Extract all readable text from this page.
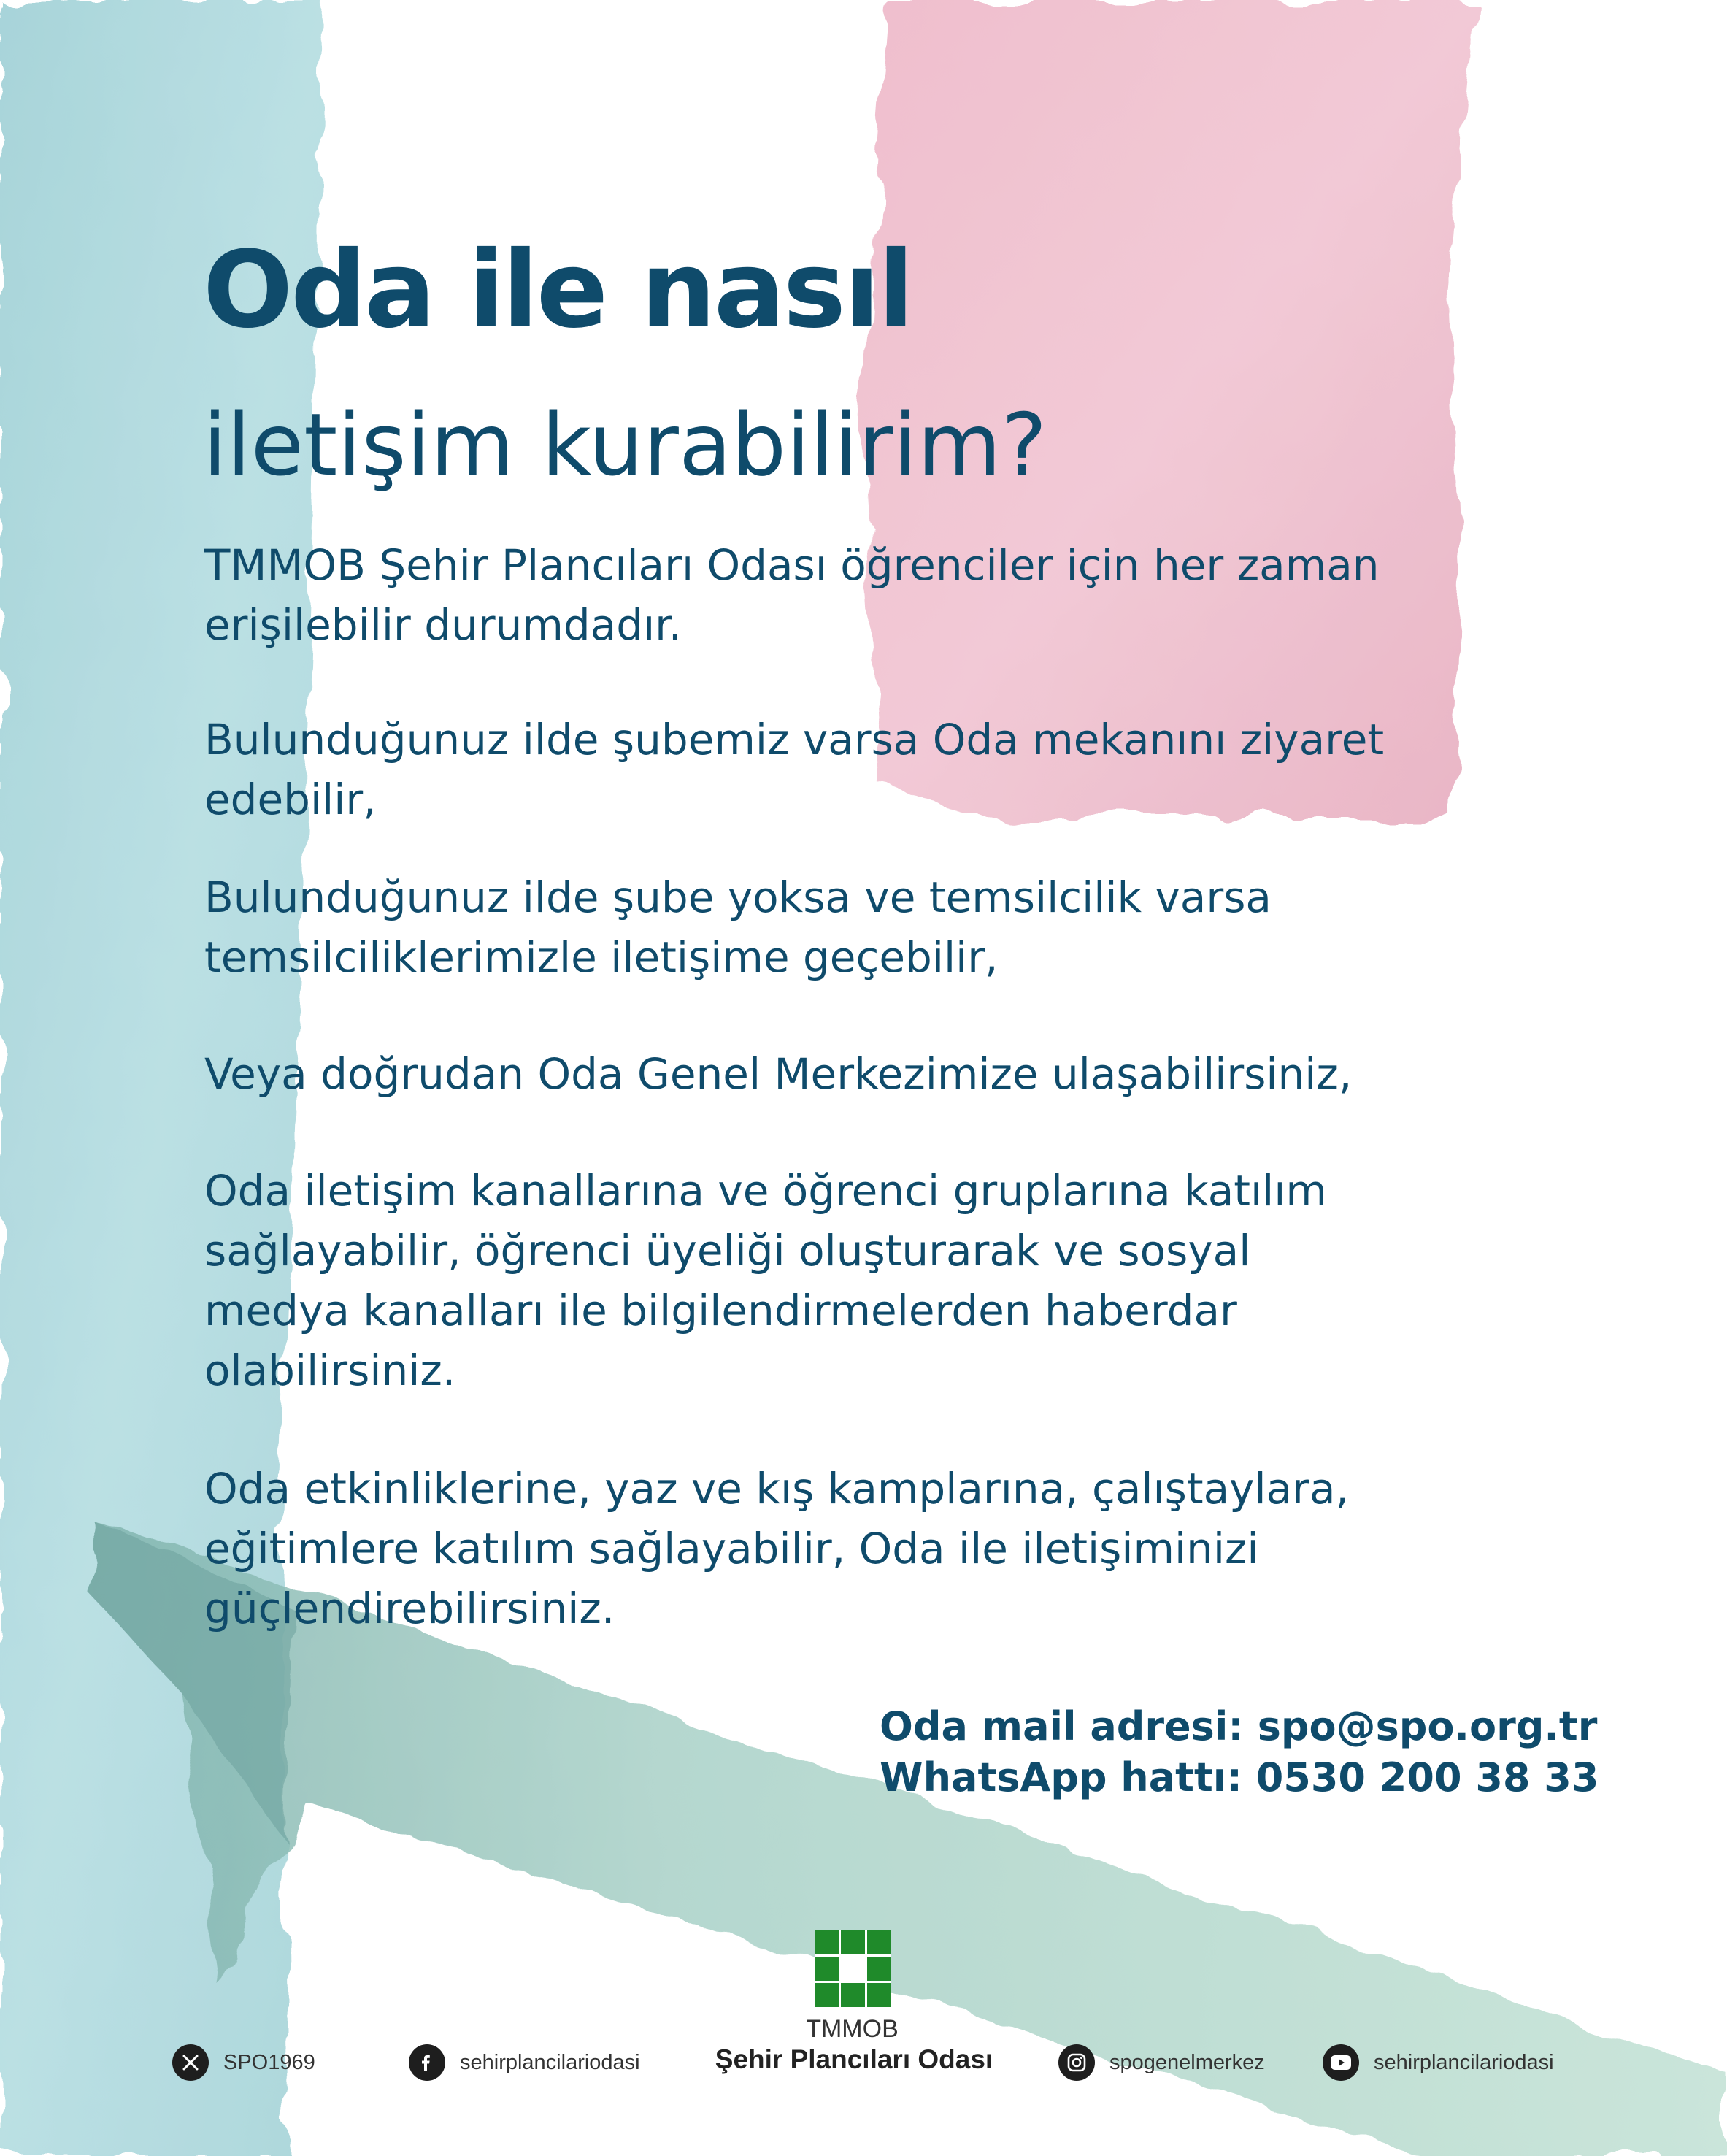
Oda ile nasıl
iletişim kurabilirim?

TMMOB Şehir Plancıları Odası öğrenciler için her zaman
erişilebilir durumdadır.

Bulunduğunuz ilde şubemiz varsa Oda mekanını ziyaret
edebilir,

Bulunduğunuz ilde şube yoksa ve temsilcilik varsa
temsilciliklerimizle iletişime geçebilir,

Veya doğrudan Oda Genel Merkezimize ulaşabilirsiniz,

Oda iletişim kanallarına ve öğrenci gruplarına katılım
sağlayabilir, öğrenci üyeliği oluşturarak ve sosyal
medya kanalları ile bilgilendirmelerden haberdar
olabilirsiniz.

Oda etkinliklerine, yaz ve kış kamplarına, çalıştaylara,
eğitimlere katılım sağlayabilir, Oda ile iletişiminizi
güçlendirebilirsiniz.

Oda mail adresi: spo@spo.org.tr
WhatsApp hattı: 0530 200 38 33
TMMOB
Şehir Plancıları Odası
SPO1969	sehirplancilariodasi	spogenelmerkez	sehirplancilariodasi
